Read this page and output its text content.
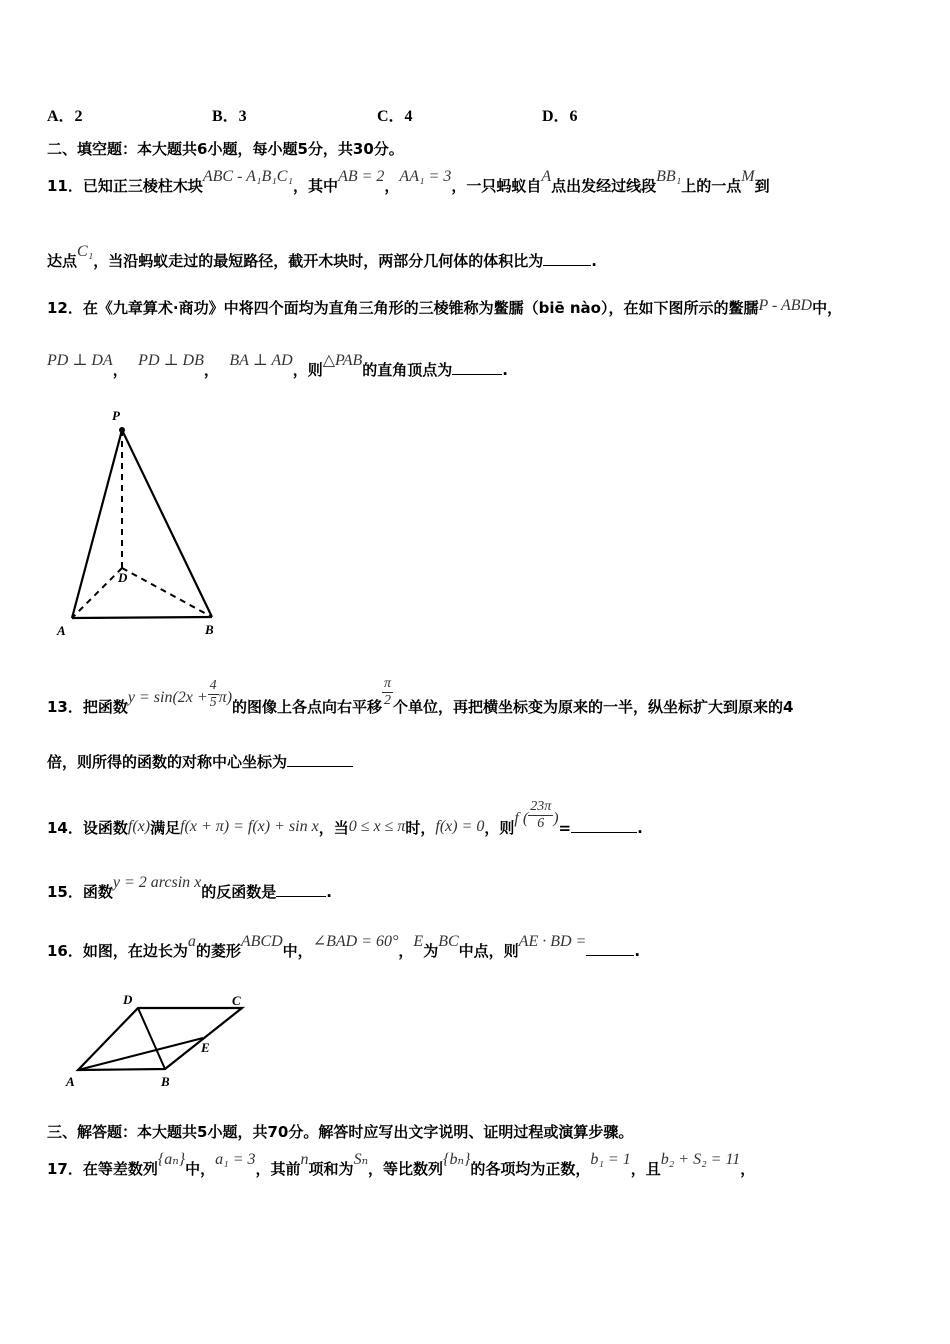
A．2	B．3	C．4	D．6
二、填空题：本大题共6小题，每小题5分，共30分。
11．已知正三棱柱木块ABC - A₁B₁C₁，其中AB = 2，AA₁ = 3，一只蚂蚁自A点出发经过线段BB₁上的一点M到
达点C₁，当沿蚂蚁走过的最短路径，截开木块时，两部分几何体的体积比为	.
12．在《九章算术·商功》中将四个面均为直角三角形的三棱锥称为鳖臑（biē nào），在如下图所示的鳖臑P - ABD中，
PD ⊥ DA，  PD ⊥ DB，  BA ⊥ AD，则△PAB的直角顶点为	.
P
D
A	B
13．把函数$y = \sin(2x + \frac{4}{5} \pi)$的图像上各点向右平移 $\frac{\pi}{2}$ 个单位，再把横坐标变为原来的一半，纵坐标扩大到原来的4
倍，则所得的函数的对称中心坐标为
14．设函数f(x)满足f(x + π) = f(x) + sin x，当0 ≤ x ≤ π时，f(x) = 0，则f ( $\frac{23\pi}{6}$ )=	.
15．函数y = 2 arcsin x的反函数是	.
16．如图，在边长为a的菱形ABCD中，∠BAD = 60°，E为BC中点，则AE · BD =.
D	C
E
A	B
三、解答题：本大题共5小题，共70分。解答时应写出文字说明、证明过程或演算步骤。
17．在等差数列{aₙ}中，a₁ = 3，其前n项和为Sₙ，等比数列{bₙ}的各项均为正数，b₁ = 1，且b₂ + S₂ = 11，
